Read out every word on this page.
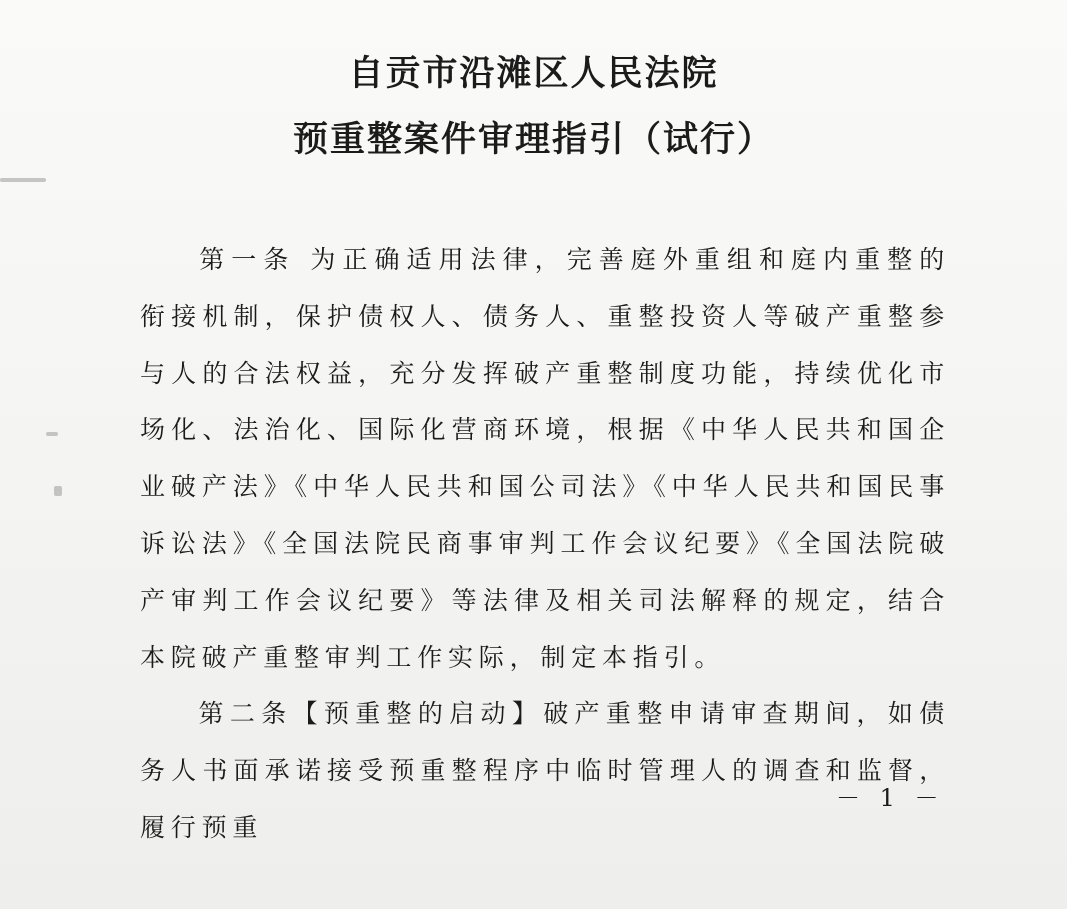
自贡市沿滩区人民法院
预重整案件审理指引（试行）

第一条 为正确适用法律，完善庭外重组和庭内重整的衔接机制，保护债权人、债务人、重整投资人等破产重整参与人的合法权益，充分发挥破产重整制度功能，持续优化市场化、法治化、国际化营商环境，根据《中华人民共和国企业破产法》《中华人民共和国公司法》《中华人民共和国民事诉讼法》《全国法院民商事审判工作会议纪要》《全国法院破产审判工作会议纪要》等法律及相关司法解释的规定，结合本院破产重整审判工作实际，制定本指引。

第二条【预重整的启动】破产重整申请审查期间，如债务人书面承诺接受预重整程序中临时管理人的调查和监督，履行预重

－ 1 －
